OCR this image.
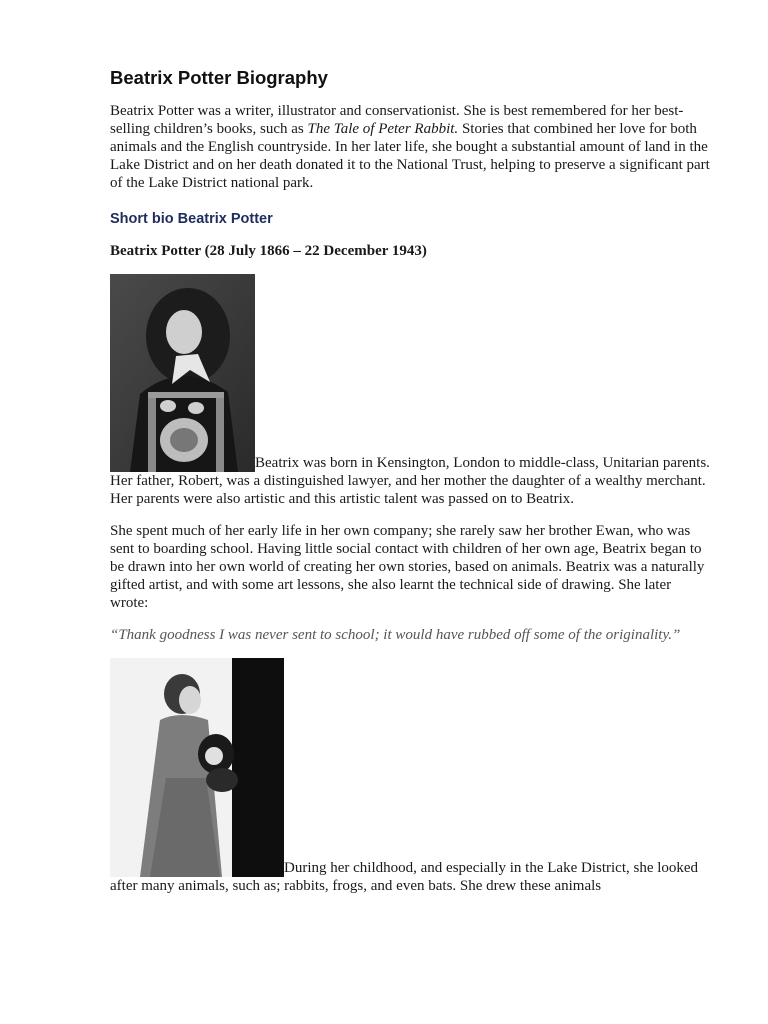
Beatrix Potter Biography

Beatrix Potter was a writer, illustrator and conservationist. She is best remembered for her best-selling children’s books, such as The Tale of Peter Rabbit. Stories that combined her love for both animals and the English countryside. In her later life, she bought a substantial amount of land in the Lake District and on her death donated it to the National Trust, helping to preserve a significant part of the Lake District national park.

Short bio Beatrix Potter
Beatrix Potter (28 July 1866 – 22 December 1943)

Beatrix was born in Kensington, London to middle-class, Unitarian parents. Her father, Robert, was a distinguished lawyer, and her mother the daughter of a wealthy merchant. Her parents were also artistic and this artistic talent was passed on to Beatrix.

She spent much of her early life in her own company; she rarely saw her brother Ewan, who was sent to boarding school. Having little social contact with children of her own age, Beatrix began to be drawn into her own world of creating her own stories, based on animals. Beatrix was a naturally gifted artist, and with some art lessons, she also learnt the technical side of drawing. She later wrote:

“Thank goodness I was never sent to school; it would have rubbed off some of the originality.”

During her childhood, and especially in the Lake District, she looked after many animals, such as; rabbits, frogs, and even bats. She drew these animals
